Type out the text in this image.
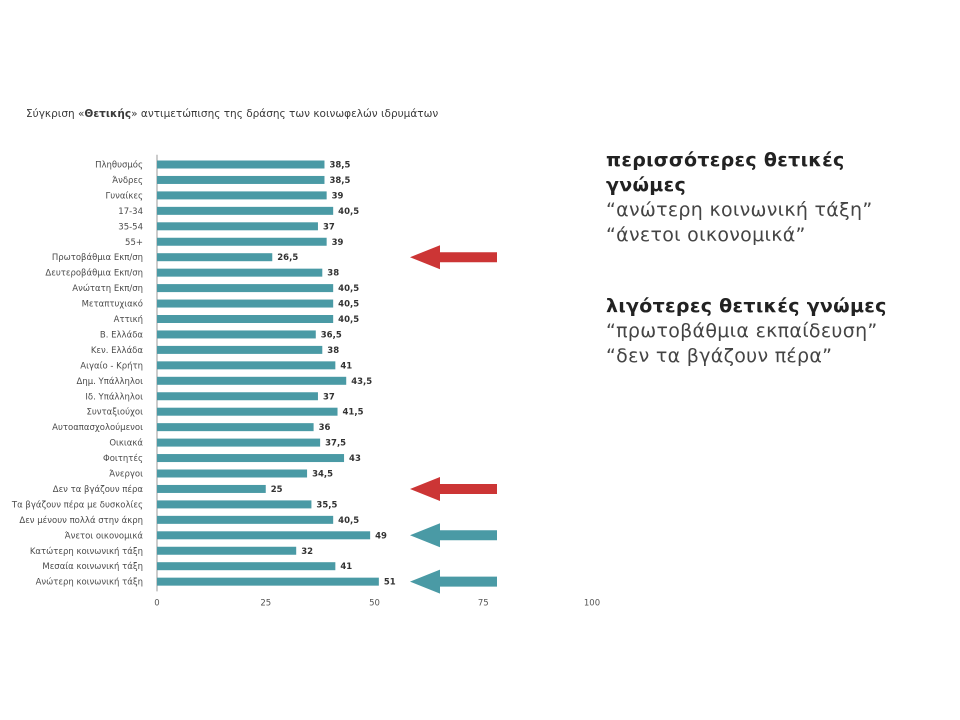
Σύγκριση «Θετικής» αντιμετώπισης της δράσης των κοινωφελών ιδρυμάτων
Πληθυσμός	38,5
Άνδρες	38,5
Γυναίκες	39
17-34	40,5
35-54	37
55+	39
Πρωτοβάθμια Εκπ/ση	26,5
Δευτεροβάθμια Εκπ/ση	38
Ανώτατη Εκπ/ση	40,5
Μεταπτυχιακό	40,5
Αττική	40,5
Β. Ελλάδα	36,5
Κεν. Ελλάδα	38
Αιγαίο - Κρήτη	41
Δημ. Υπάλληλοι	43,5
Ιδ. Υπάλληλοι	37
Συνταξιούχοι	41,5
Αυτοαπασχολούμενοι	36
Οικιακά	37,5
Φοιτητές	43
Άνεργοι	34,5
Δεν τα βγάζουν πέρα	25
Τα βγάζουν πέρα με δυσκολίες	35,5
Δεν μένουν πολλά στην άκρη	40,5
Άνετοι οικονομικά	49
Κατώτερη κοινωνική τάξη	32
Μεσαία κοινωνική τάξη	41
Ανώτερη κοινωνική τάξη	51
0	25	50	75	100
περισσότερες θετικές
γνώμες
“ανώτερη κοινωνική τάξη”
“άνετοι οικονομικά”
λιγότερες θετικές γνώμες
“πρωτοβάθμια εκπαίδευση”
“δεν τα βγάζουν πέρα”
